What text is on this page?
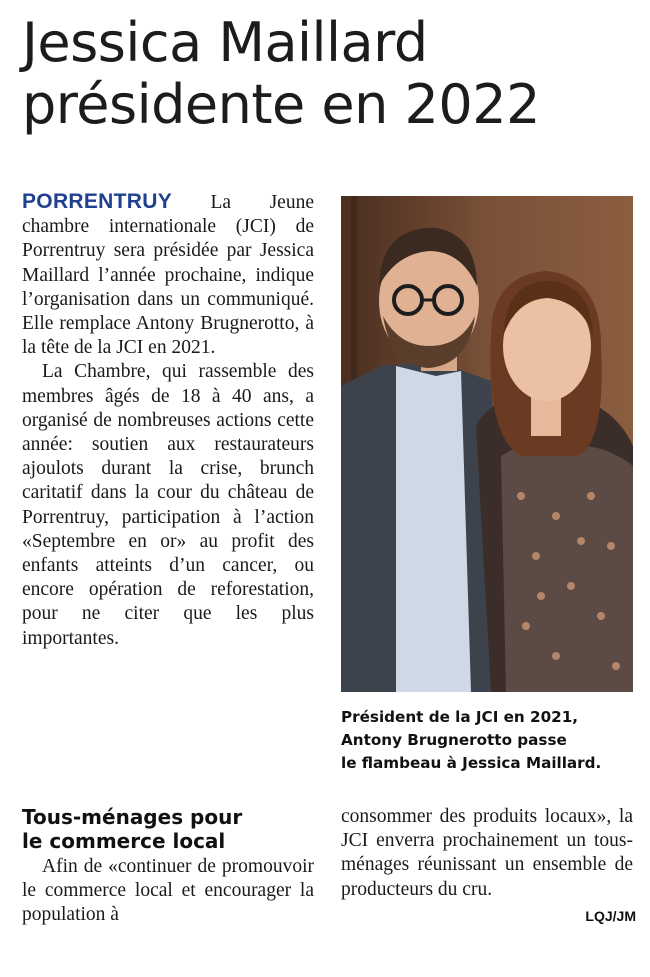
Jessica Maillard
présidente en 2022

PORRENTRUY La Jeune chambre internationale (JCI) de Porrentruy sera présidée par Jessica Maillard l’année prochaine, indique l’organisation dans un communiqué. Elle remplace Antony Brugnerotto, à la tête de la JCI en 2021.

La Chambre, qui rassemble des membres âgés de 18 à 40 ans, a organisé de nombreuses actions cette année: soutien aux restaurateurs ajoulots durant la crise, brunch caritatif dans la cour du château de Porrentruy, participation à l’action «Septembre en or» au profit des enfants atteints d’un cancer, ou encore opération de reforestation, pour ne citer que les plus importantes.

Président de la JCI en 2021,
Antony Brugnerotto passe
le flambeau à Jessica Maillard.
Tous-ménages pour
le commerce local

Afin de «continuer de promouvoir le commerce local et encourager la population à

consommer des produits locaux», la JCI enverra prochainement un tous-ménages réunissant un ensemble de producteurs du cru.

LQJ/JM
